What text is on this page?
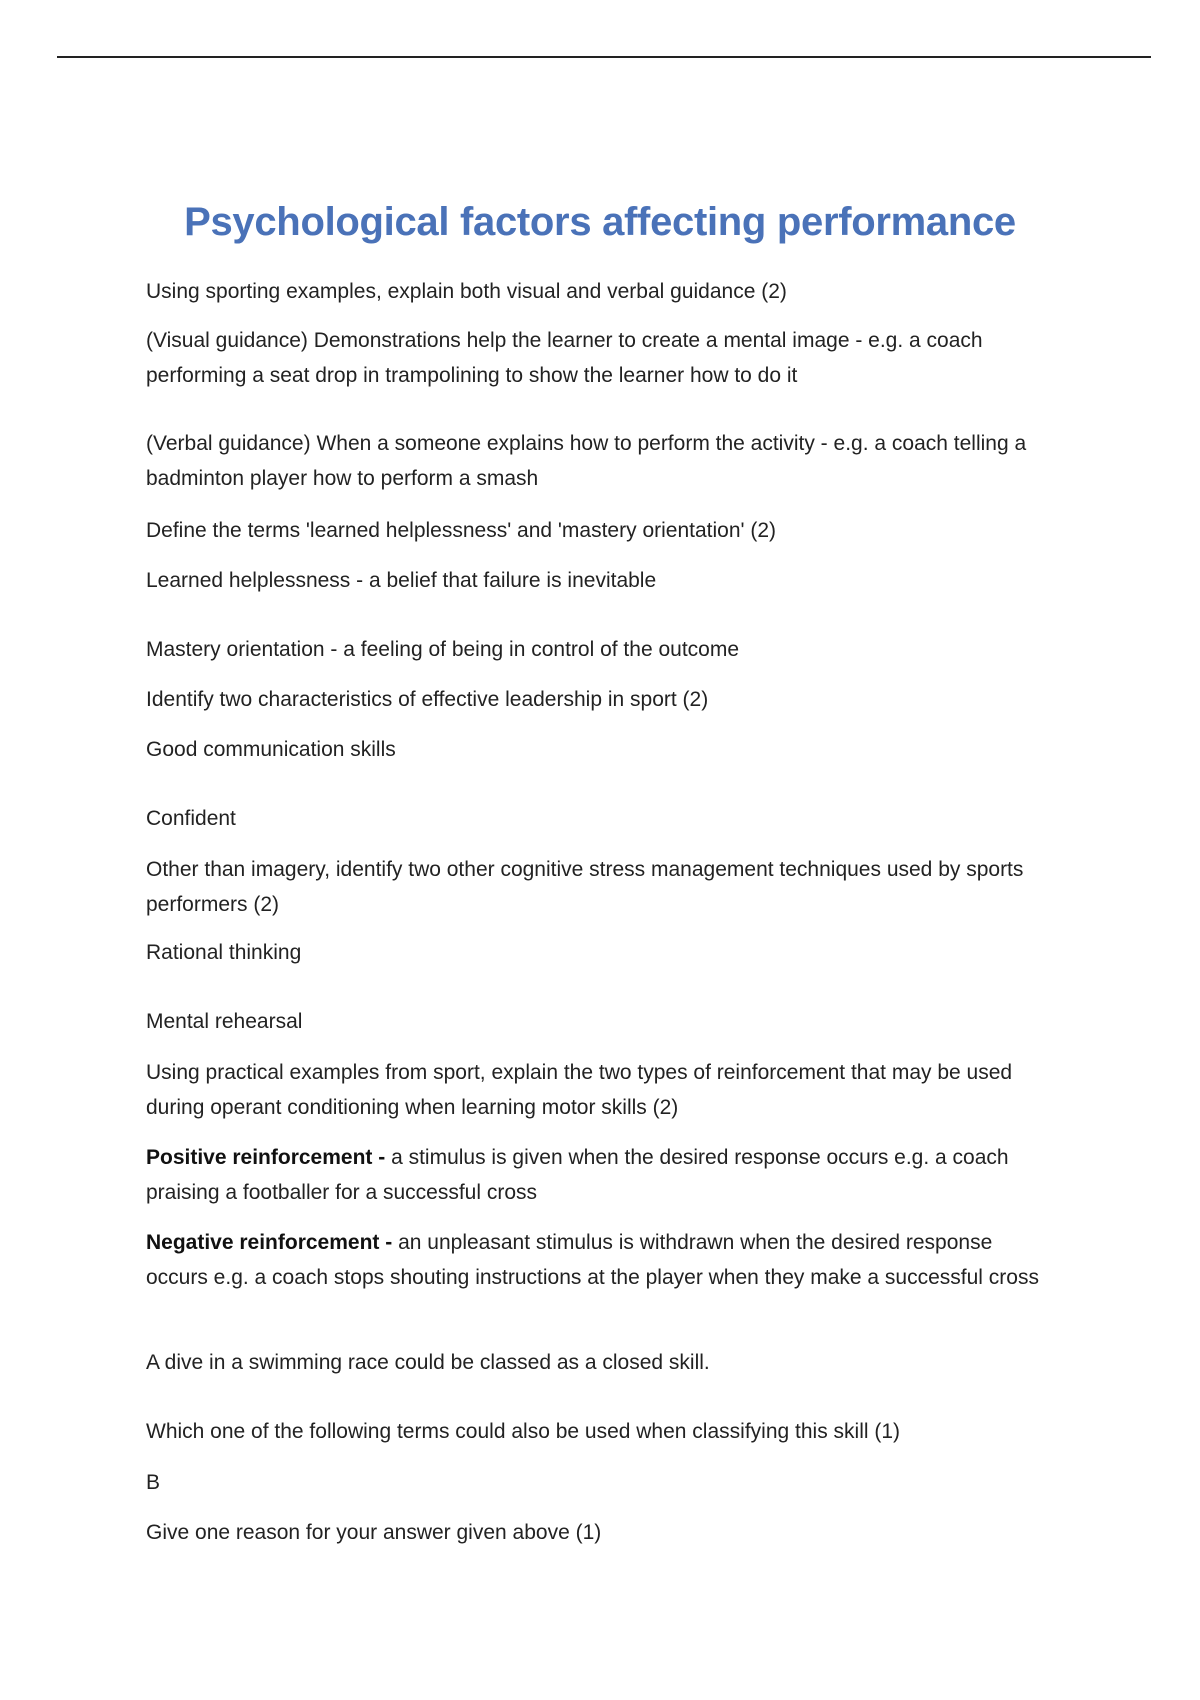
Psychological factors affecting performance
Using sporting examples, explain both visual and verbal guidance (2)
(Visual guidance) Demonstrations help the learner to create a mental image - e.g. a coach performing a seat drop in trampolining to show the learner how to do it
(Verbal guidance) When a someone explains how to perform the activity - e.g. a coach telling a badminton player how to perform a smash
Define the terms 'learned helplessness' and 'mastery orientation' (2)
Learned helplessness - a belief that failure is inevitable
Mastery orientation - a feeling of being in control of the outcome
Identify two characteristics of effective leadership in sport (2)
Good communication skills
Confident
Other than imagery, identify two other cognitive stress management techniques used by sports performers (2)
Rational thinking
Mental rehearsal
Using practical examples from sport, explain the two types of reinforcement that may be used during operant conditioning when learning motor skills (2)
Positive reinforcement - a stimulus is given when the desired response occurs e.g. a coach praising a footballer for a successful cross
Negative reinforcement - an unpleasant stimulus is withdrawn when the desired response occurs e.g. a coach stops shouting instructions at the player when they make a successful cross
A dive in a swimming race could be classed as a closed skill.
Which one of the following terms could also be used when classifying this skill (1)
B
Give one reason for your answer given above (1)
